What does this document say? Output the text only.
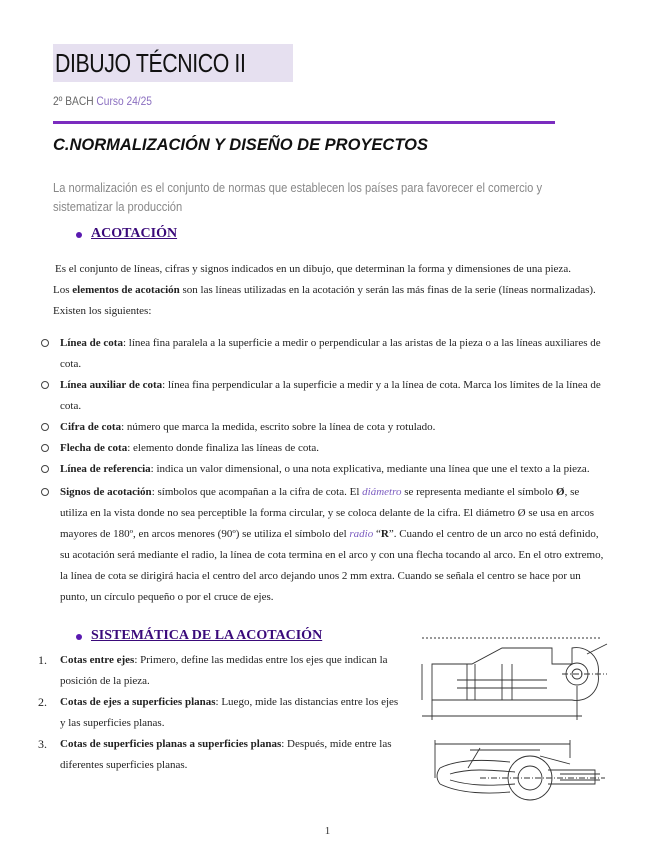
DIBUJO TÉCNICO II
2º BACH Curso 24/25
C.NORMALIZACIÓN Y DISEÑO DE PROYECTOS
La normalización es el conjunto de normas que establecen los países para favorecer el comercio y sistematizar la producción
ACOTACIÓN
Es el conjunto de líneas, cifras y signos indicados en un dibujo, que determinan la forma y dimensiones de una pieza.
Los elementos de acotación son las líneas utilizadas en la acotación y serán las más finas de la serie (líneas normalizadas). Existen los siguientes:
Línea de cota: línea fina paralela a la superficie a medir o perpendicular a las aristas de la pieza o a las líneas auxiliares de cota.
Línea auxiliar de cota: línea fina perpendicular a la superficie a medir y a la línea de cota. Marca los límites de la línea de cota.
Cifra de cota: número que marca la medida, escrito sobre la línea de cota y rotulado.
Flecha de cota: elemento donde finaliza las líneas de cota.
Línea de referencia: indica un valor dimensional, o una nota explicativa, mediante una línea que une el texto a la pieza.
Signos de acotación: símbolos que acompañan a la cifra de cota. El diámetro se representa mediante el símbolo Ø, se utiliza en la vista donde no sea perceptible la forma circular, y se coloca delante de la cifra. El diámetro Ø se usa en arcos mayores de 180º, en arcos menores (90º) se utiliza el símbolo del radio “R”. Cuando el centro de un arco no está definido, su acotación será mediante el radio, la línea de cota termina en el arco y con una flecha tocando al arco. En el otro extremo, la línea de cota se dirigirá hacia el centro del arco dejando unos 2 mm extra. Cuando se señala el centro se hace por un punto, un círculo pequeño o por el cruce de ejes.
SISTEMÁTICA DE LA ACOTACIÓN
1. Cotas entre ejes: Primero, define las medidas entre los ejes que indican la posición de la pieza.
2. Cotas de ejes a superficies planas: Luego, mide las distancias entre los ejes y las superficies planas.
3. Cotas de superficies planas a superficies planas: Después, mide entre las diferentes superficies planas.
1
